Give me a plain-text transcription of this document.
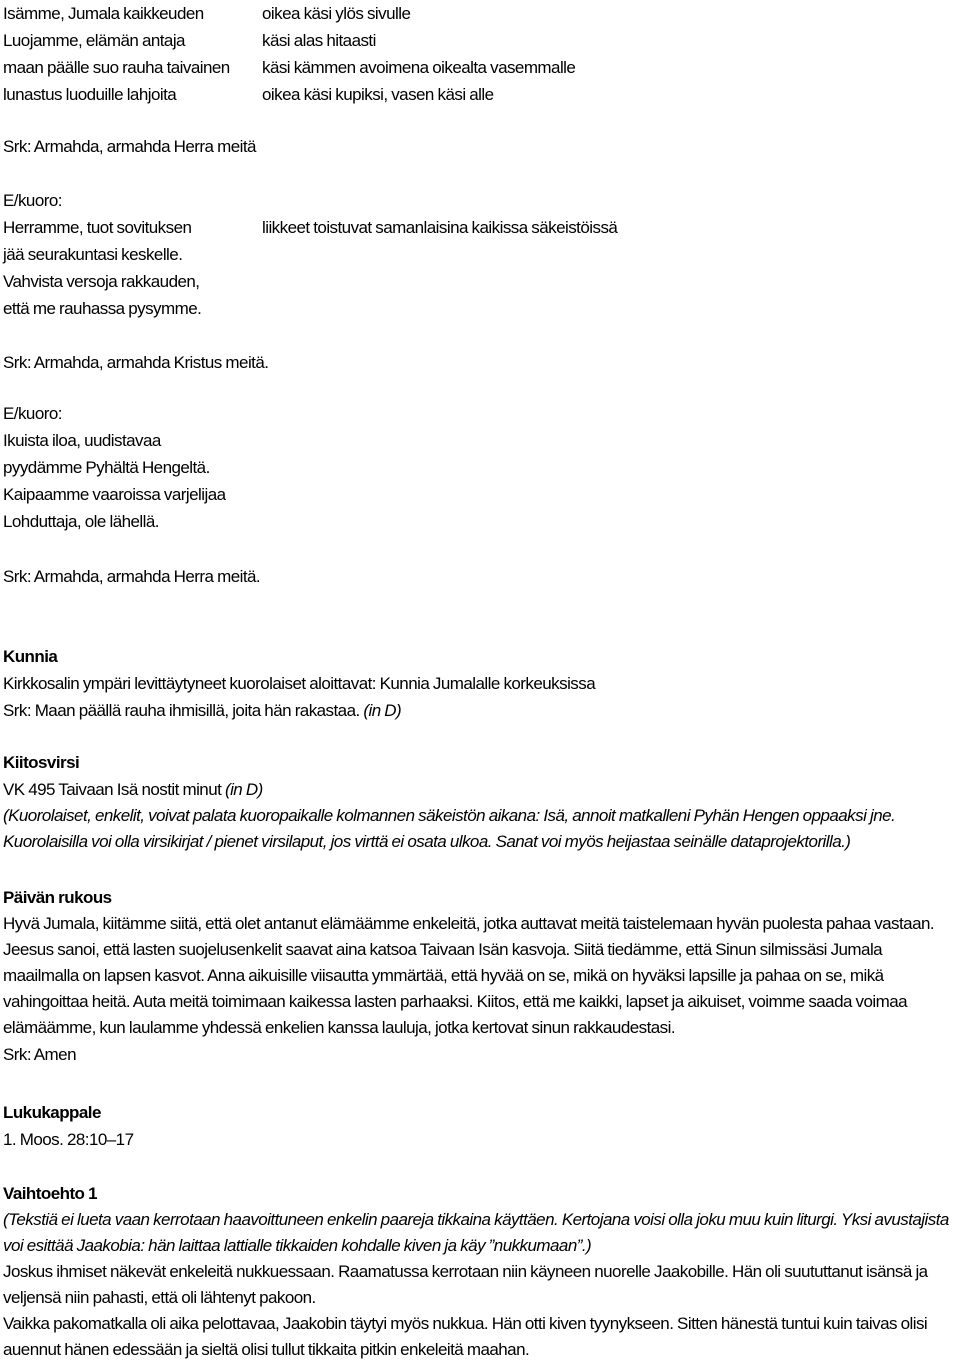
Isämme, Jumala kaikkeuden	oikea käsi ylös sivulle
Luojamme, elämän antaja	käsi alas hitaasti
maan päälle suo rauha taivainen	käsi kämmen avoimena oikealta vasemmalle
lunastus luoduille lahjoita	oikea käsi kupiksi, vasen käsi alle
Srk: Armahda, armahda Herra meitä
E/kuoro:
Herramme, tuot sovituksen	liikkeet toistuvat samanlaisina kaikissa säkeistöissä
jää seurakuntasi keskelle.
Vahvista versoja rakkauden,
että me rauhassa pysymme.
Srk: Armahda, armahda Kristus meitä.
E/kuoro:
Ikuista iloa, uudistavaa
pyydämme Pyhältä Hengeltä.
Kaipaamme vaaroissa varjelijaa
Lohduttaja, ole lähellä.
Srk: Armahda, armahda Herra meitä.
Kunnia
Kirkkosalin ympäri levittäytyneet kuorolaiset aloittavat: Kunnia Jumalalle korkeuksissa
Srk: Maan päällä rauha ihmisillä, joita hän rakastaa. (in D)
Kiitosvirsi
VK 495 Taivaan Isä nostit minut (in D)
(Kuorolaiset, enkelit, voivat palata kuoropaikalle kolmannen säkeistön aikana: Isä, annoit matkalleni Pyhän Hengen oppaaksi jne. Kuorolaisilla voi olla virsikirjat / pienet virsilaput, jos virttä ei osata ulkoa. Sanat voi myös heijastaa seinälle dataprojektorilla.)
Päivän rukous
Hyvä Jumala, kiitämme siitä, että olet antanut elämäämme enkeleitä, jotka auttavat meitä taistelemaan hyvän puolesta pahaa vastaan. Jeesus sanoi, että lasten suojelusenkelit saavat aina katsoa Taivaan Isän kasvoja. Siitä tiedämme, että Sinun silmissäsi Jumala maailmalla on lapsen kasvot. Anna aikuisille viisautta ymmärtää, että hyvää on se, mikä on hyväksi lapsille ja pahaa on se, mikä vahingoittaa heitä. Auta meitä toimimaan kaikessa lasten parhaaksi. Kiitos, että me kaikki, lapset ja aikuiset, voimme saada voimaa elämäämme, kun laulamme yhdessä enkelien kanssa lauluja, jotka kertovat sinun rakkaudestasi.
Srk: Amen
Lukukappale
1. Moos. 28:10–17
Vaihtoehto 1
(Tekstiä ei lueta vaan kerrotaan haavoittuneen enkelin paareja tikkaina käyttäen. Kertojana voisi olla joku muu kuin liturgi. Yksi avustajista voi esittää Jaakobia: hän laittaa lattialle tikkaiden kohdalle kiven ja käy ”nukkumaan”.)
Joskus ihmiset näkevät enkeleitä nukkuessaan. Raamatussa kerrotaan niin käyneen nuorelle Jaakobille. Hän oli suututtanut isänsä ja veljensä niin pahasti, että oli lähtenyt pakoon.
Vaikka pakomatkalla oli aika pelottavaa, Jaakobin täytyi myös nukkua. Hän otti kiven tyynykseen. Sitten hänestä tuntui kuin taivas olisi auennut hänen edessään ja sieltä olisi tullut tikkaita pitkin enkeleitä maahan.
